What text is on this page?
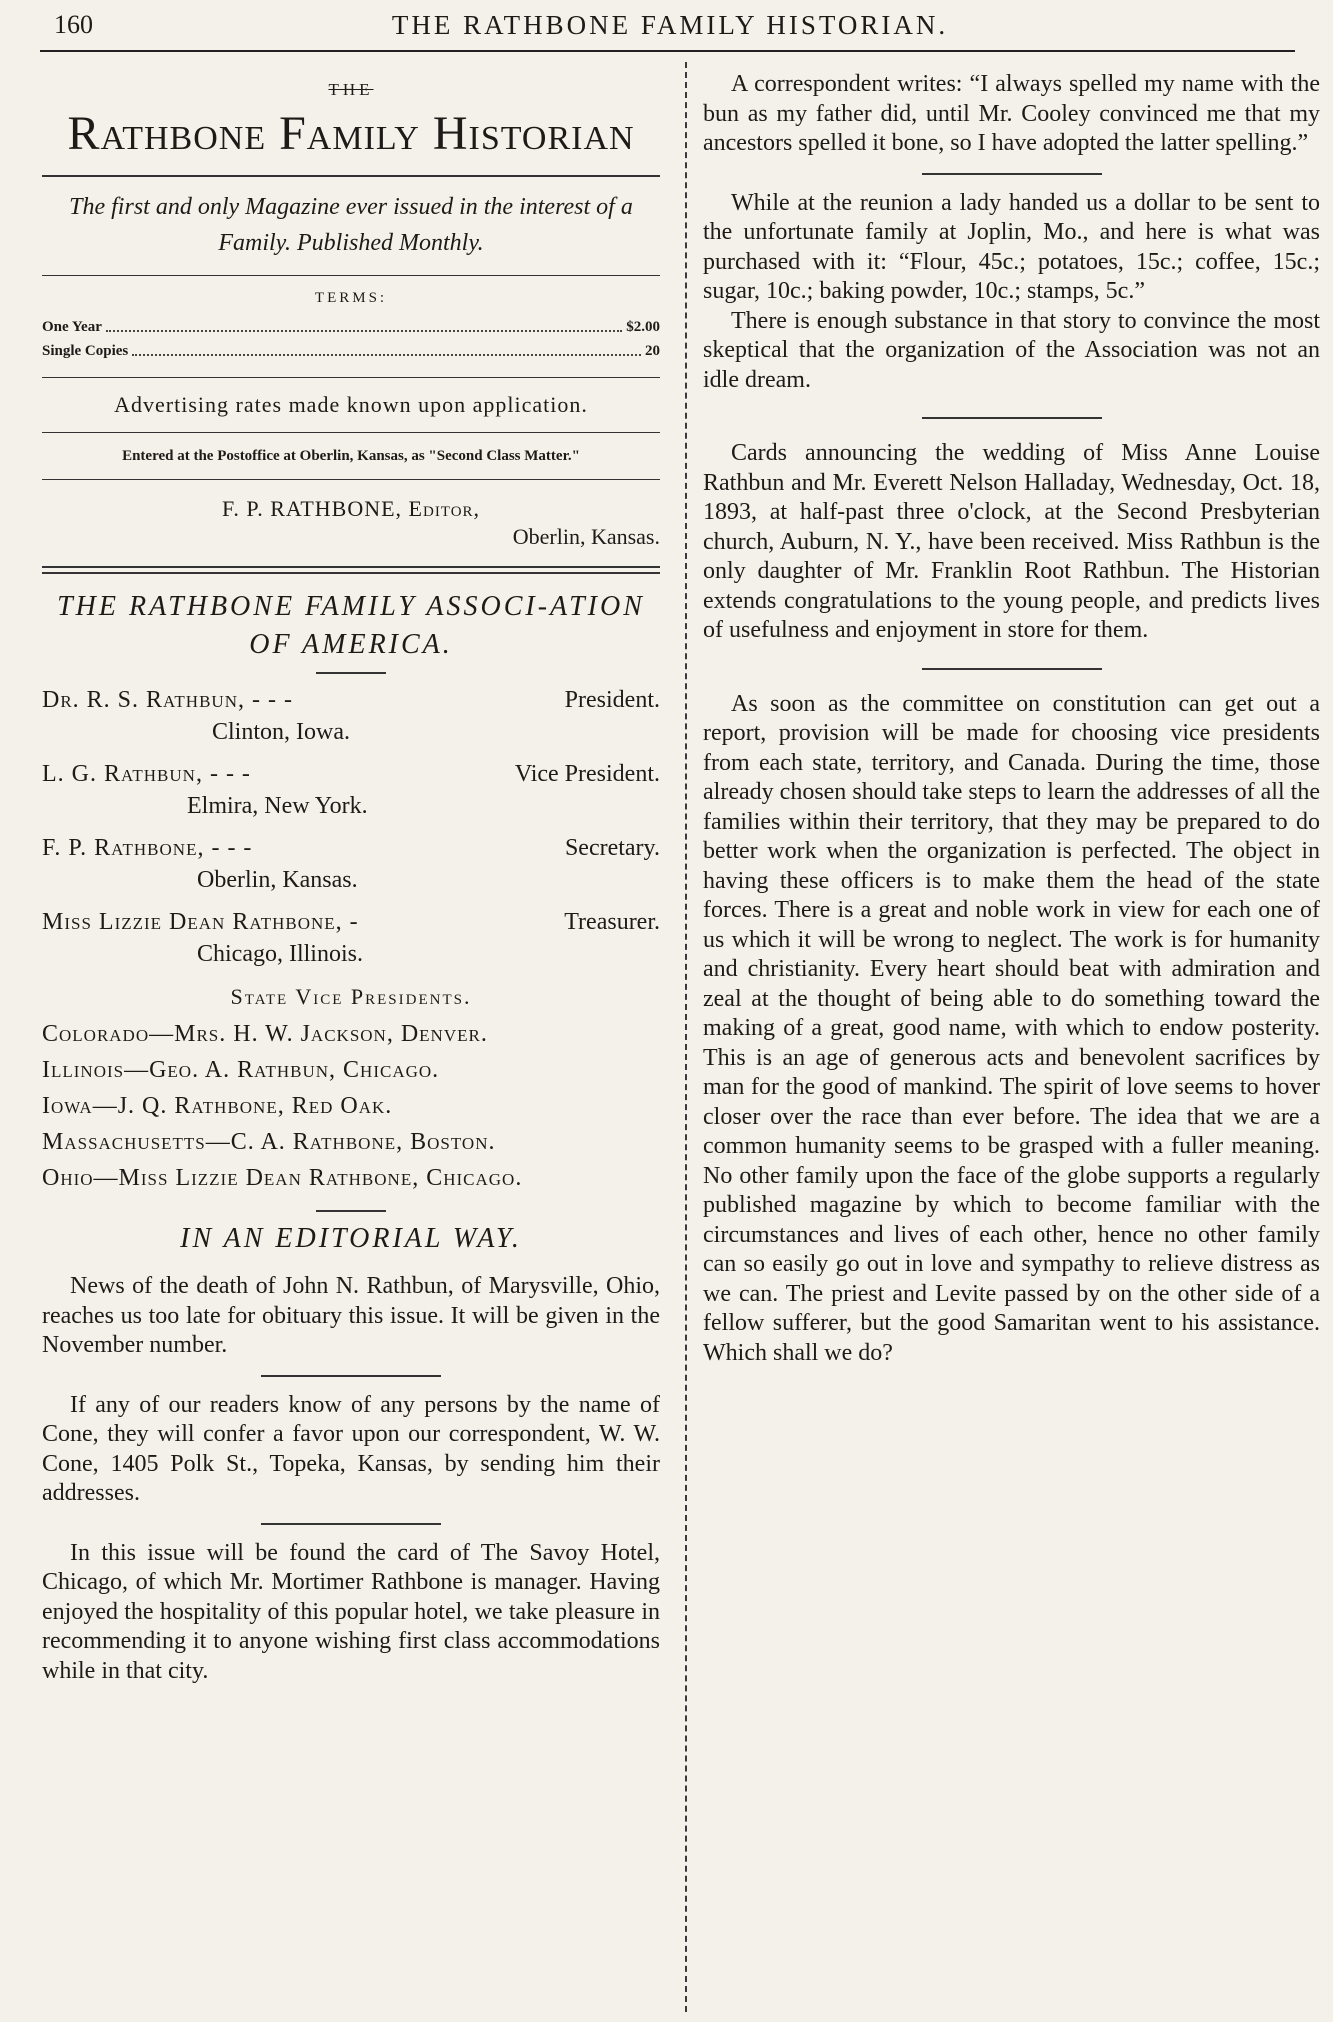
160	THE RATHBONE FAMILY HISTORIAN.
THE
Rathbone Family Historian
The first and only Magazine ever issued in the interest of a Family. Published Monthly.
TERMS:
One Year	$2.00
Single Copies	20
Advertising rates made known upon application.
Entered at the Postoffice at Oberlin, Kansas, as "Second Class Matter."
F. P. RATHBONE, Editor,
Oberlin, Kansas.
THE RATHBONE FAMILY ASSOCI-ATION OF AMERICA.
Dr. R. S. Rathbun, - - -	President.
Clinton, Iowa.
L. G. Rathbun, - - -	Vice President.
Elmira, New York.
F. P. Rathbone, - - -	Secretary.
Oberlin, Kansas.
Miss Lizzie Dean Rathbone, -	Treasurer.
Chicago, Illinois.
State Vice Presidents.
Colorado—Mrs. H. W. Jackson, Denver.
Illinois—Geo. A. Rathbun, Chicago.
Iowa—J. Q. Rathbone, Red Oak.
Massachusetts—C. A. Rathbone, Boston.
Ohio—Miss Lizzie Dean Rathbone, Chicago.
IN AN EDITORIAL WAY.

News of the death of John N. Rathbun, of Marysville, Ohio, reaches us too late for obituary this issue. It will be given in the November number.

If any of our readers know of any persons by the name of Cone, they will confer a favor upon our correspondent, W. W. Cone, 1405 Polk St., Topeka, Kansas, by sending him their addresses.

In this issue will be found the card of The Savoy Hotel, Chicago, of which Mr. Mortimer Rathbone is manager. Having enjoyed the hospitality of this popular hotel, we take pleasure in recommending it to anyone wishing first class accommodations while in that city.

A correspondent writes: “I always spelled my name with the bun as my father did, until Mr. Cooley convinced me that my ancestors spelled it bone, so I have adopted the latter spelling.”

While at the reunion a lady handed us a dollar to be sent to the unfortunate family at Joplin, Mo., and here is what was purchased with it: “Flour, 45c.; potatoes, 15c.; coffee, 15c.; sugar, 10c.; baking powder, 10c.; stamps, 5c.”

There is enough substance in that story to convince the most skeptical that the organization of the Association was not an idle dream.

Cards announcing the wedding of Miss Anne Louise Rathbun and Mr. Everett Nelson Halladay, Wednesday, Oct. 18, 1893, at half-past three o'clock, at the Second Presbyterian church, Auburn, N. Y., have been received. Miss Rathbun is the only daughter of Mr. Franklin Root Rathbun. The Historian extends congratulations to the young people, and predicts lives of usefulness and enjoyment in store for them.

As soon as the committee on constitution can get out a report, provision will be made for choosing vice presidents from each state, territory, and Canada. During the time, those already chosen should take steps to learn the addresses of all the families within their territory, that they may be prepared to do better work when the organization is perfected. The object in having these officers is to make them the head of the state forces. There is a great and noble work in view for each one of us which it will be wrong to neglect. The work is for humanity and christianity. Every heart should beat with admiration and zeal at the thought of being able to do something toward the making of a great, good name, with which to endow posterity. This is an age of generous acts and benevolent sacrifices by man for the good of mankind. The spirit of love seems to hover closer over the race than ever before. The idea that we are a common humanity seems to be grasped with a fuller meaning. No other family upon the face of the globe supports a regularly published magazine by which to become familiar with the circumstances and lives of each other, hence no other family can so easily go out in love and sympathy to relieve distress as we can. The priest and Levite passed by on the other side of a fellow sufferer, but the good Samaritan went to his assistance. Which shall we do?
